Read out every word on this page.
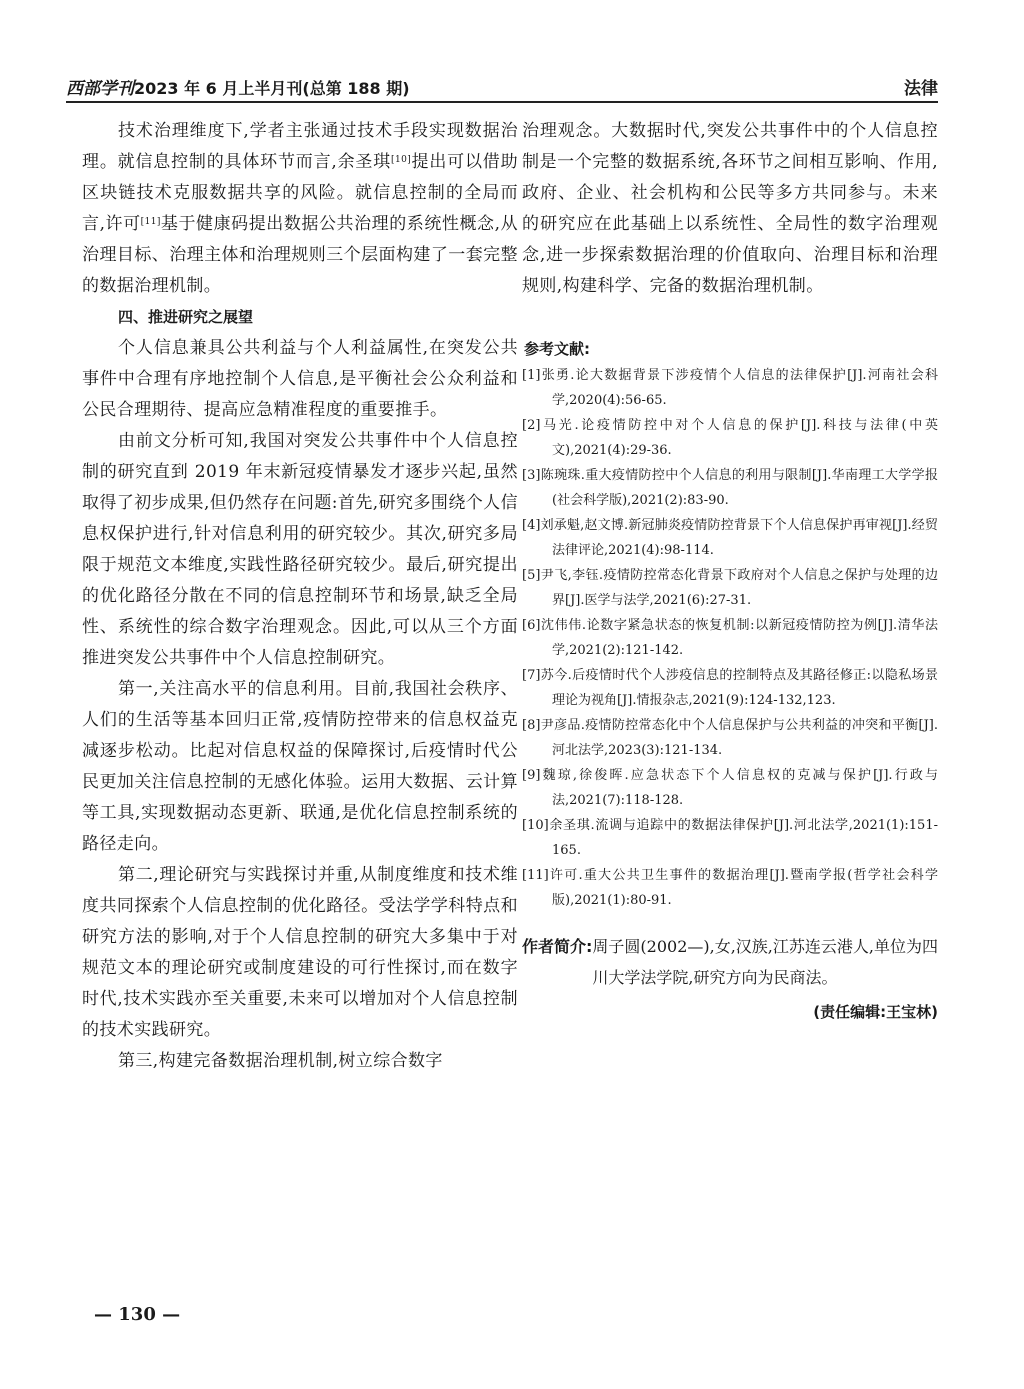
西部学刊2023 年 6 月上半月刊(总第 188 期)	法律

技术治理维度下,学者主张通过技术手段实现数据治理。就信息控制的具体环节而言,余圣琪[10]提出可以借助区块链技术克服数据共享的风险。就信息控制的全局而言,许可[11]基于健康码提出数据公共治理的系统性概念,从治理目标、治理主体和治理规则三个层面构建了一套完整的数据治理机制。

四、推进研究之展望

个人信息兼具公共利益与个人利益属性,在突发公共事件中合理有序地控制个人信息,是平衡社会公众利益和公民合理期待、提高应急精准程度的重要推手。

由前文分析可知,我国对突发公共事件中个人信息控制的研究直到 2019 年末新冠疫情暴发才逐步兴起,虽然取得了初步成果,但仍然存在问题:首先,研究多围绕个人信息权保护进行,针对信息利用的研究较少。其次,研究多局限于规范文本维度,实践性路径研究较少。最后,研究提出的优化路径分散在不同的信息控制环节和场景,缺乏全局性、系统性的综合数字治理观念。因此,可以从三个方面推进突发公共事件中个人信息控制研究。

第一,关注高水平的信息利用。目前,我国社会秩序、人们的生活等基本回归正常,疫情防控带来的信息权益克减逐步松动。比起对信息权益的保障探讨,后疫情时代公民更加关注信息控制的无感化体验。运用大数据、云计算等工具,实现数据动态更新、联通,是优化信息控制系统的路径走向。

第二,理论研究与实践探讨并重,从制度维度和技术维度共同探索个人信息控制的优化路径。受法学学科特点和研究方法的影响,对于个人信息控制的研究大多集中于对规范文本的理论研究或制度建设的可行性探讨,而在数字时代,技术实践亦至关重要,未来可以增加对个人信息控制的技术实践研究。

第三,构建完备数据治理机制,树立综合数字

治理观念。大数据时代,突发公共事件中的个人信息控制是一个完整的数据系统,各环节之间相互影响、作用,政府、企业、社会机构和公民等多方共同参与。未来的研究应在此基础上以系统性、全局性的数字治理观念,进一步探索数据治理的价值取向、治理目标和治理规则,构建科学、完备的数据治理机制。

参考文献:

[1]张勇.论大数据背景下涉疫情个人信息的法律保护[J].河南社会科学,2020(4):56-65.

[2]马光.论疫情防控中对个人信息的保护[J].科技与法律(中英文),2021(4):29-36.

[3]陈琬珠.重大疫情防控中个人信息的利用与限制[J].华南理工大学学报(社会科学版),2021(2):83-90.

[4]刘承魁,赵文博.新冠肺炎疫情防控背景下个人信息保护再审视[J].经贸法律评论,2021(4):98-114.

[5]尹飞,李钰.疫情防控常态化背景下政府对个人信息之保护与处理的边界[J].医学与法学,2021(6):27-31.

[6]沈伟伟.论数字紧急状态的恢复机制:以新冠疫情防控为例[J].清华法学,2021(2):121-142.

[7]苏今.后疫情时代个人涉疫信息的控制特点及其路径修正:以隐私场景理论为视角[J].情报杂志,2021(9):124-132,123.

[8]尹彦品.疫情防控常态化中个人信息保护与公共利益的冲突和平衡[J].河北法学,2023(3):121-134.

[9]魏琼,徐俊晖.应急状态下个人信息权的克减与保护[J].行政与法,2021(7):118-128.

[10]余圣琪.流调与追踪中的数据法律保护[J].河北法学,2021(1):151-165.

[11]许可.重大公共卫生事件的数据治理[J].暨南学报(哲学社会科学版),2021(1):80-91.

作者简介: 周子圆(2002—),女,汉族,江苏连云港人,单位为四川大学法学院,研究方向为民商法。
(责任编辑:王宝林)
— 130 —
